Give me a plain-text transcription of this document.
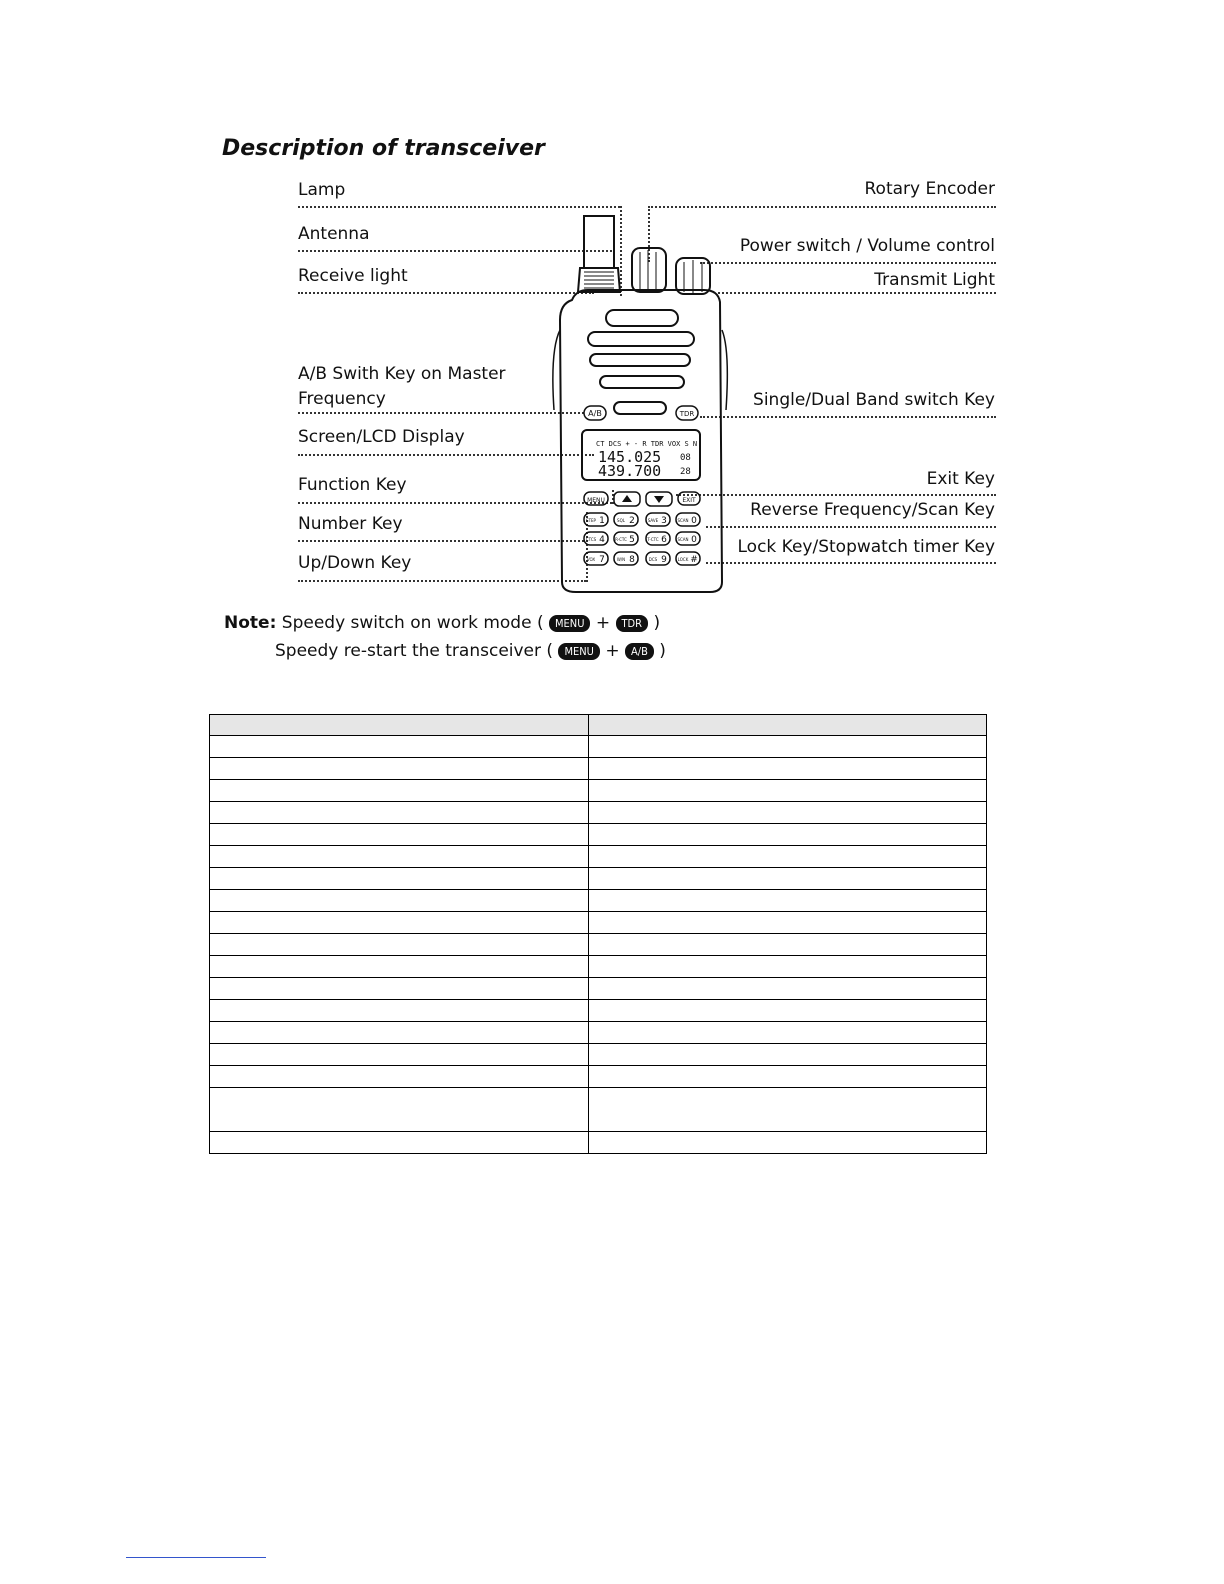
Description of transceiver
Lamp
Antenna
Receive light
A/B Swith Key on Master
Frequency
Screen/LCD Display
Function Key
Number Key
Up/Down Key
Rotary Encoder
Power switch / Volume control
Transmit Light
Single/Dual Band switch Key
Exit Key
Reverse Frequency/Scan Key
Lock Key/Stopwatch timer Key
CT DCS + - R TDR VOX S N
145.025
439.700
08
28
A/B	TDR
MENU	EXIT
1
STEP	2
SQL	3
SAVE	0
SCAN
4
CTCS	5
R-CTC	6
T-CTC	0
SCAN
7
VOX	8
W/N	9
DCS	#
LOCK
Note: Speedy switch on work mode ( MENU + TDR )
Speedy re-start the transceiver ( MENU + A/B )
